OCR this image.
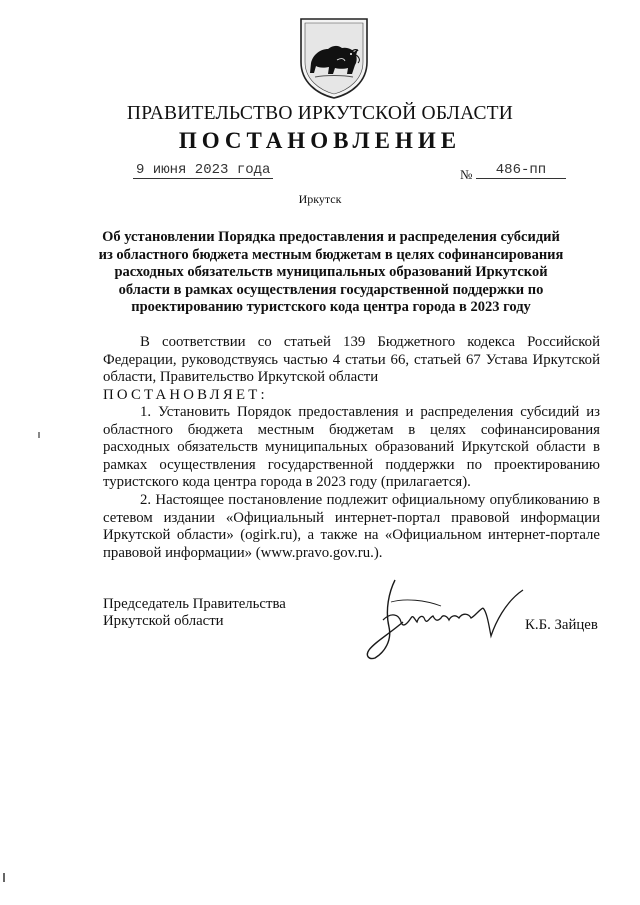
ПРАВИТЕЛЬСТВО ИРКУТСКОЙ ОБЛАСТИ
ПОСТАНОВЛЕНИЕ
9 июня 2023 года	№	486-пп
Иркутск
Об установлении Порядка предоставления и распределения субсидий
из областного бюджета местным бюджетам в целях софинансирования
расходных обязательств муниципальных образований Иркутской
области в рамках осуществления государственной поддержки по
проектированию туристского кода центра города в 2023 году

В соответствии со статьей 139 Бюджетного кодекса Российской Федерации, руководствуясь частью 4 статьи 66, статьей 67 Устава Иркутской области, Правительство Иркутской области

ПОСТАНОВЛЯЕТ:

1. Установить Порядок предоставления и распределения субсидий из областного бюджета местным бюджетам в целях софинансирования расходных обязательств муниципальных образований Иркутской области в рамках осуществления государственной поддержки по проектированию туристского кода центра города в 2023 году (прилагается).

2. Настоящее постановление подлежит официальному опубликованию в сетевом издании «Официальный интернет-портал правовой информации Иркутской области» (ogirk.ru), а также на «Официальном интернет-портале правовой информации» (www.pravo.gov.ru.).

Председатель Правительства
Иркутской области	К.Б. Зайцев
